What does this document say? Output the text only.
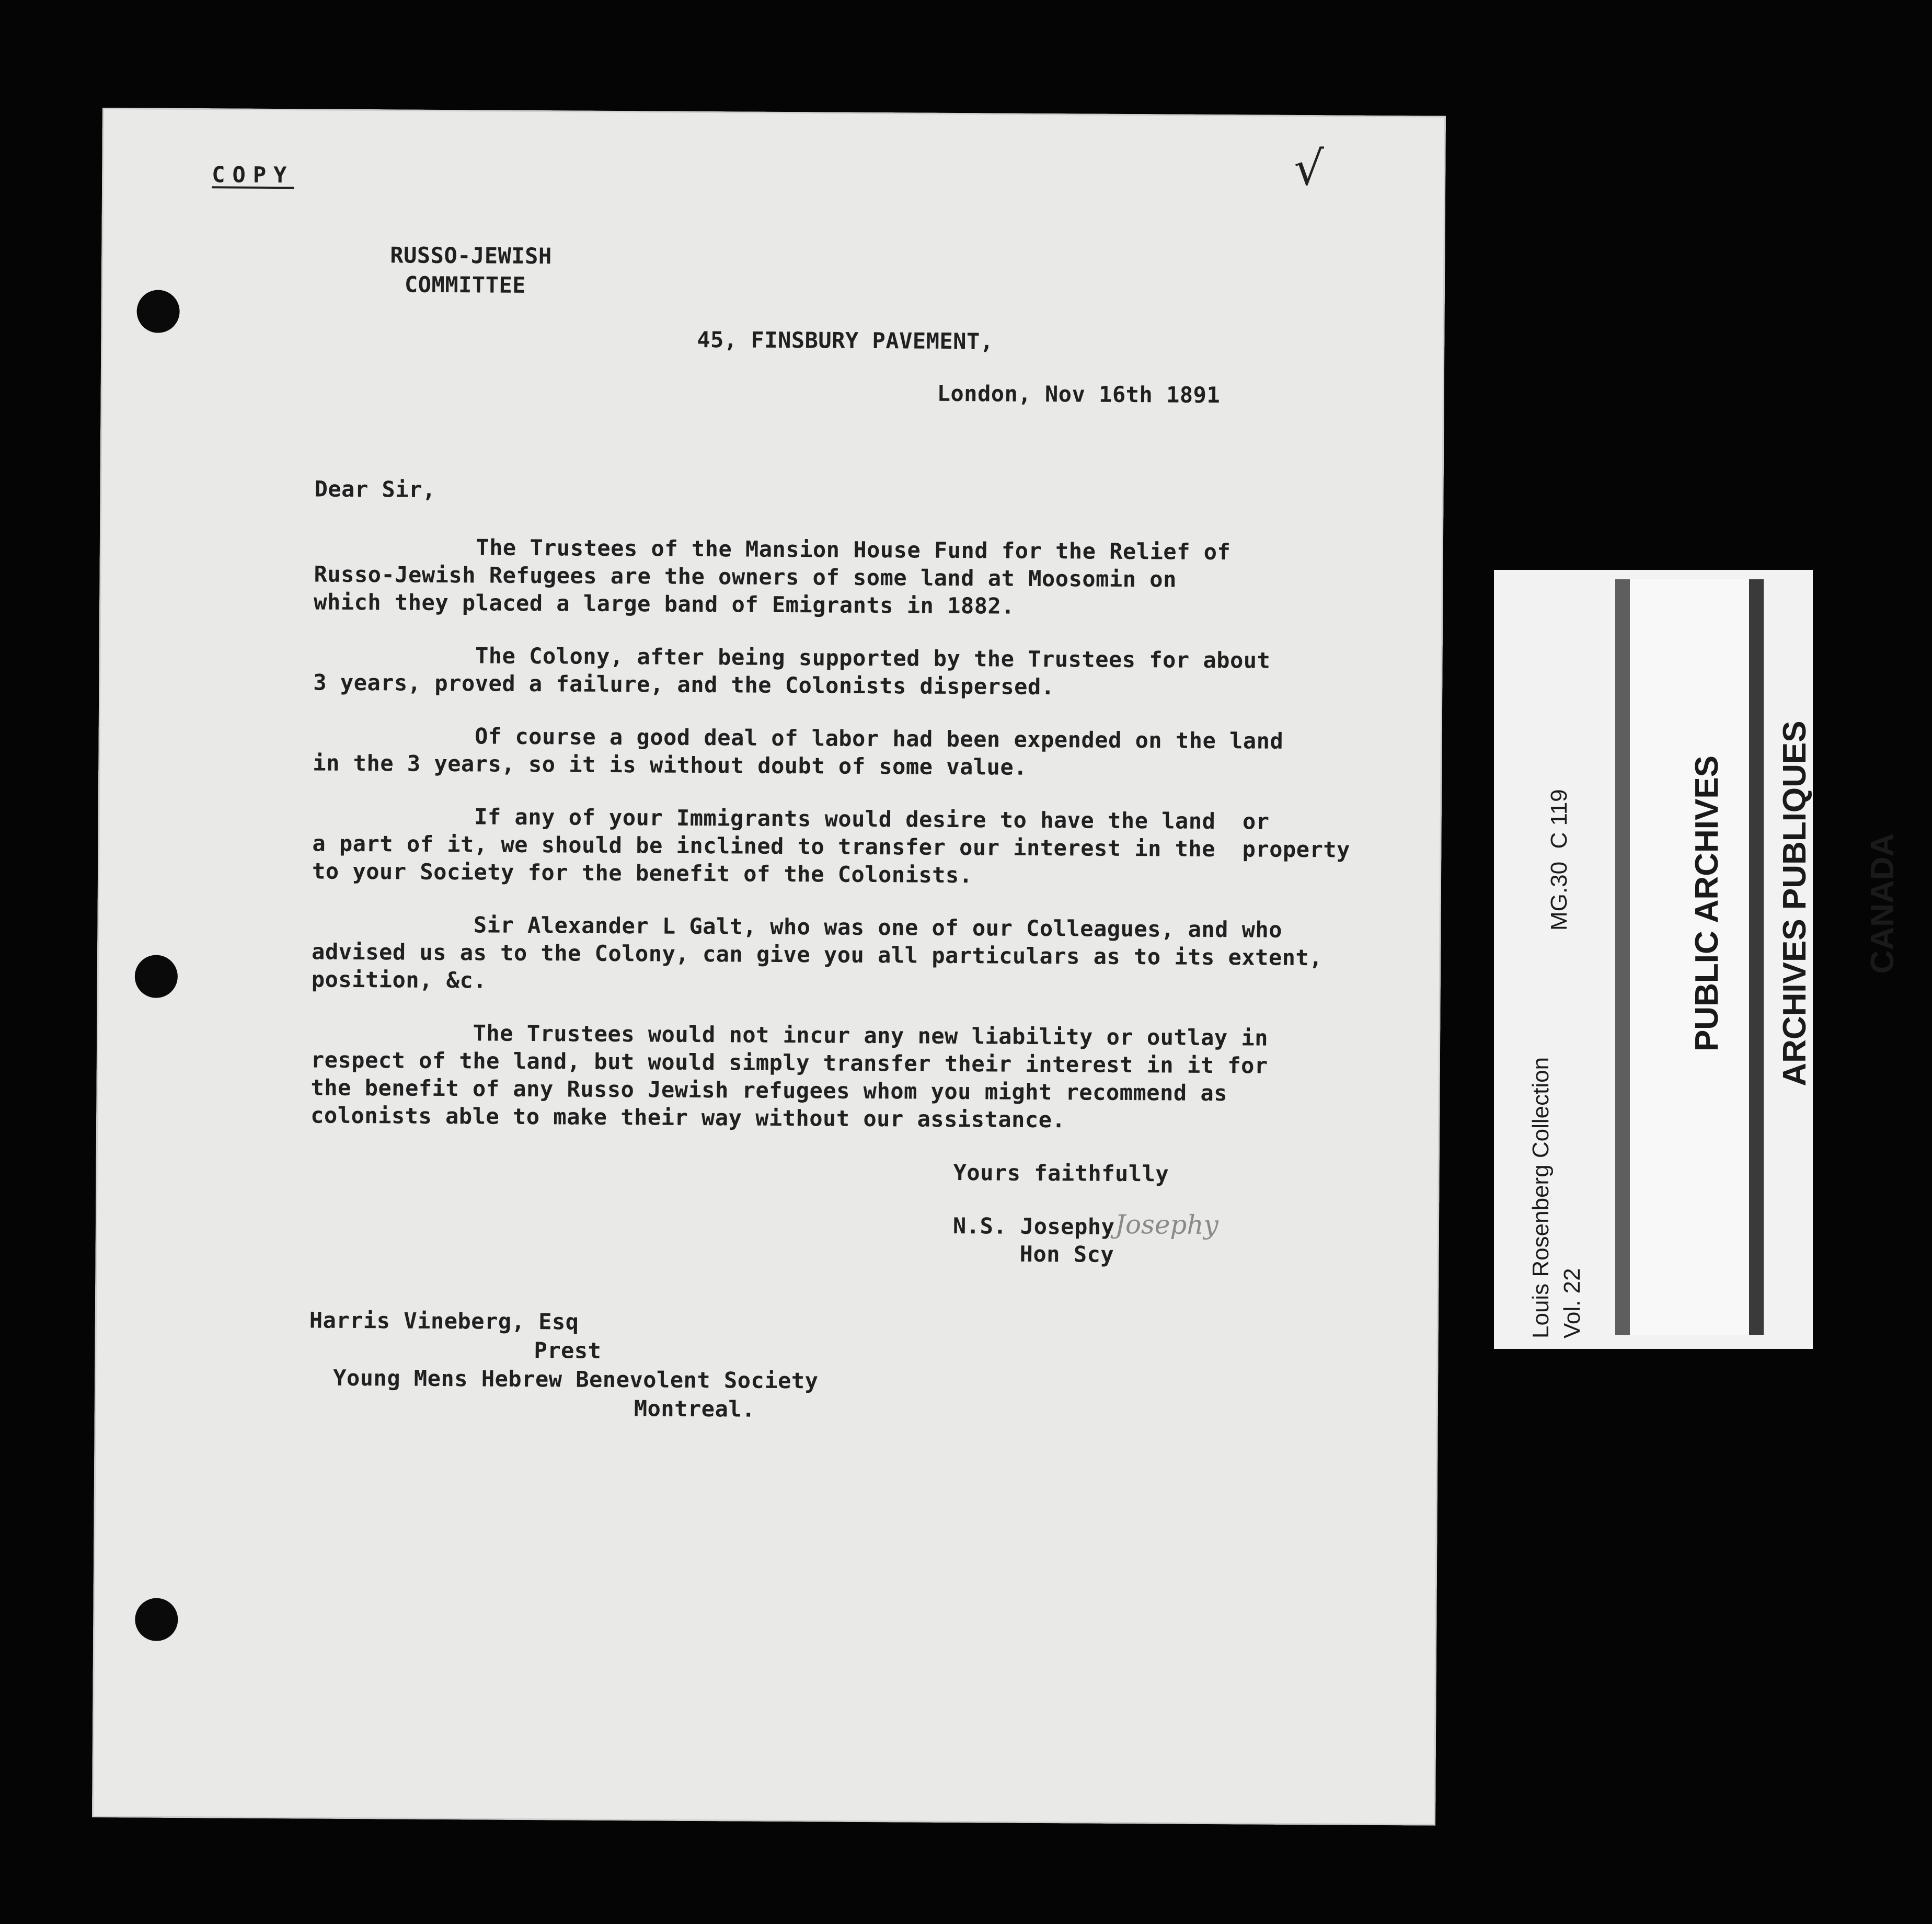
COPY	√
RUSSO-JEWISH
COMMITTEE
45, FINSBURY PAVEMENT,
London, Nov 16th 1891
Dear Sir,
The Trustees of the Mansion House Fund for the Relief of
Russo-Jewish Refugees are the owners of some land at Moosomin on
which they placed a large band of Emigrants in 1882.
The Colony, after being supported by the Trustees for about
3 years, proved a failure, and the Colonists dispersed.
Of course a good deal of labor had been expended on the land
in the 3 years, so it is without doubt of some value.
If any of your Immigrants would desire to have the land  or
a part of it, we should be inclined to transfer our interest in the  property
to your Society for the benefit of the Colonists.
Sir Alexander L Galt, who was one of our Colleagues, and who
advised us as to the Colony, can give you all particulars as to its extent,
position, &c.
The Trustees would not incur any new liability or outlay in
respect of the land, but would simply transfer their interest in it for
the benefit of any Russo Jewish refugees whom you might recommend as
colonists able to make their way without our assistance.
Yours faithfully
N.S. Josephy Josephy
Hon Scy
Harris Vineberg, Esq
Prest
Young Mens Hebrew Benevolent Society
Montreal.
Louis Rosenberg Collection Vol. 22
MG.30  C 119

	PUBLIC ARCHIVES

ARCHIVES PUBLIQUES

CANADA
